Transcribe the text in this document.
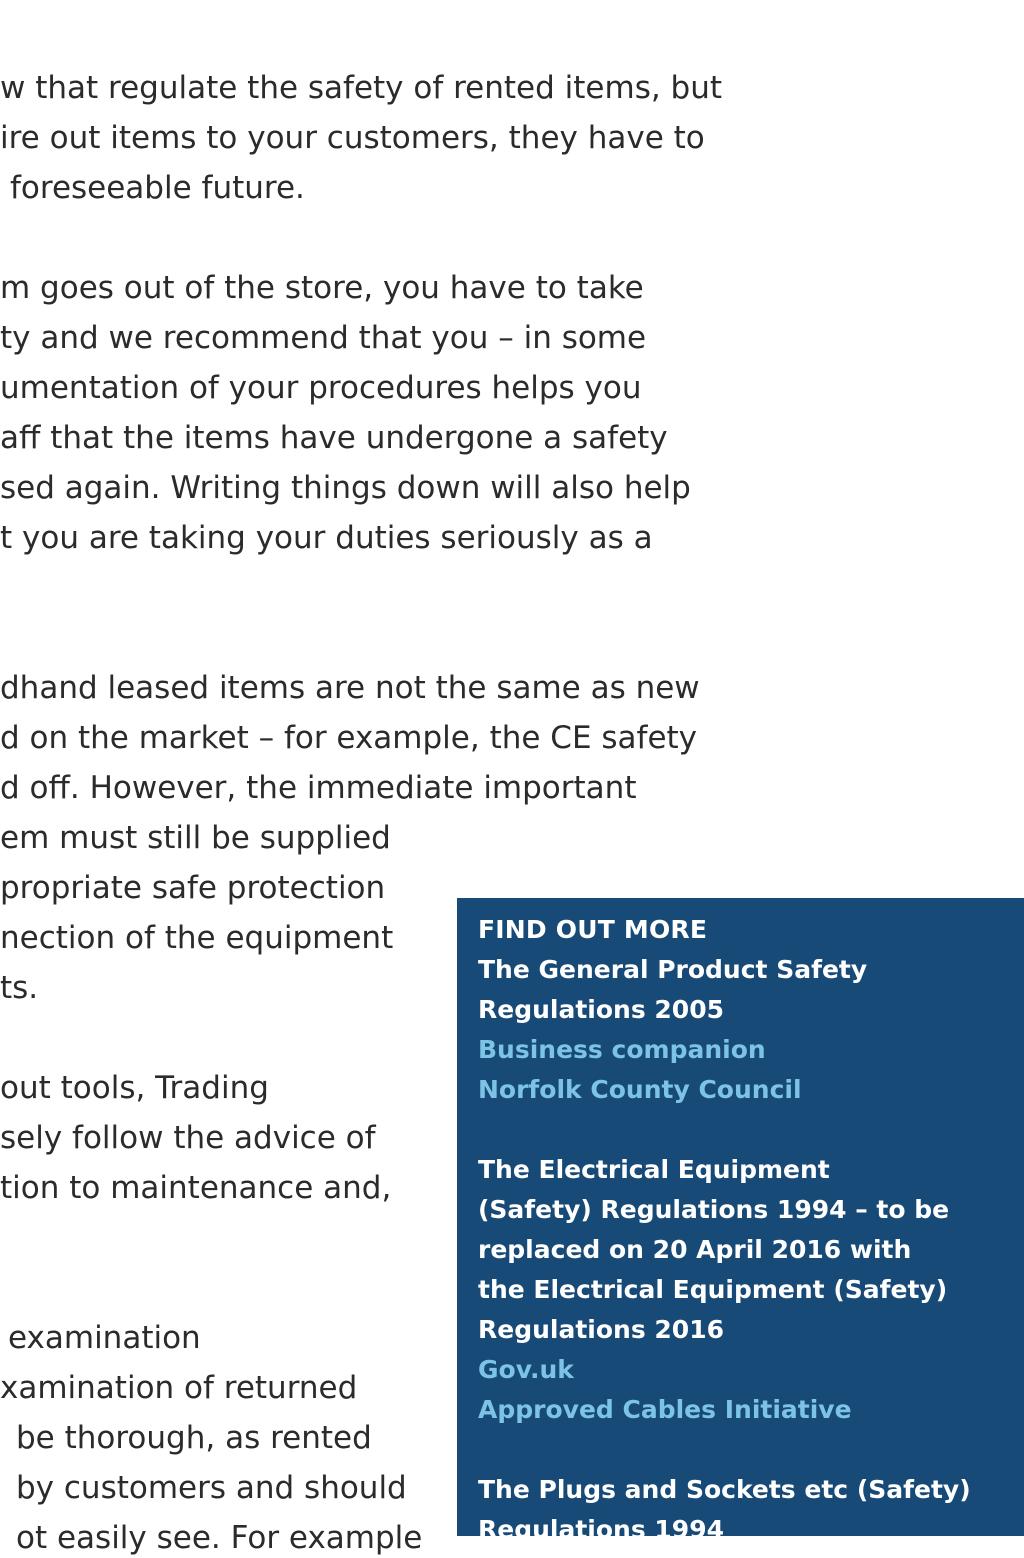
w that regulate the safety of rented items, but
ire out items to your customers, they have to
foreseeable future.
m goes out of the store, you have to take
ty and we recommend that you – in some
umentation of your procedures helps you
aff that the items have undergone a safety
sed again. Writing things down will also help
t you are taking your duties seriously as a
dhand leased items are not the same as new
d on the market – for example, the CE safety
d off. However, the immediate important
em must still be supplied
propriate safe protection
nection of the equipment
ts.
out tools, Trading
sely follow the advice of
tion to maintenance and,
examination
xamination of returned
be thorough, as rented
by customers and should
ot easily see. For example
FIND OUT MORE
The General Product Safety
Regulations 2005
Business companion
Norfolk County Council
The Electrical Equipment
(Safety) Regulations 1994 – to be
replaced on 20 April 2016 with
the Electrical Equipment (Safety)
Regulations 2016
Gov.uk
Approved Cables Initiative
The Plugs and Sockets etc (Safety)
Regulations 1994
